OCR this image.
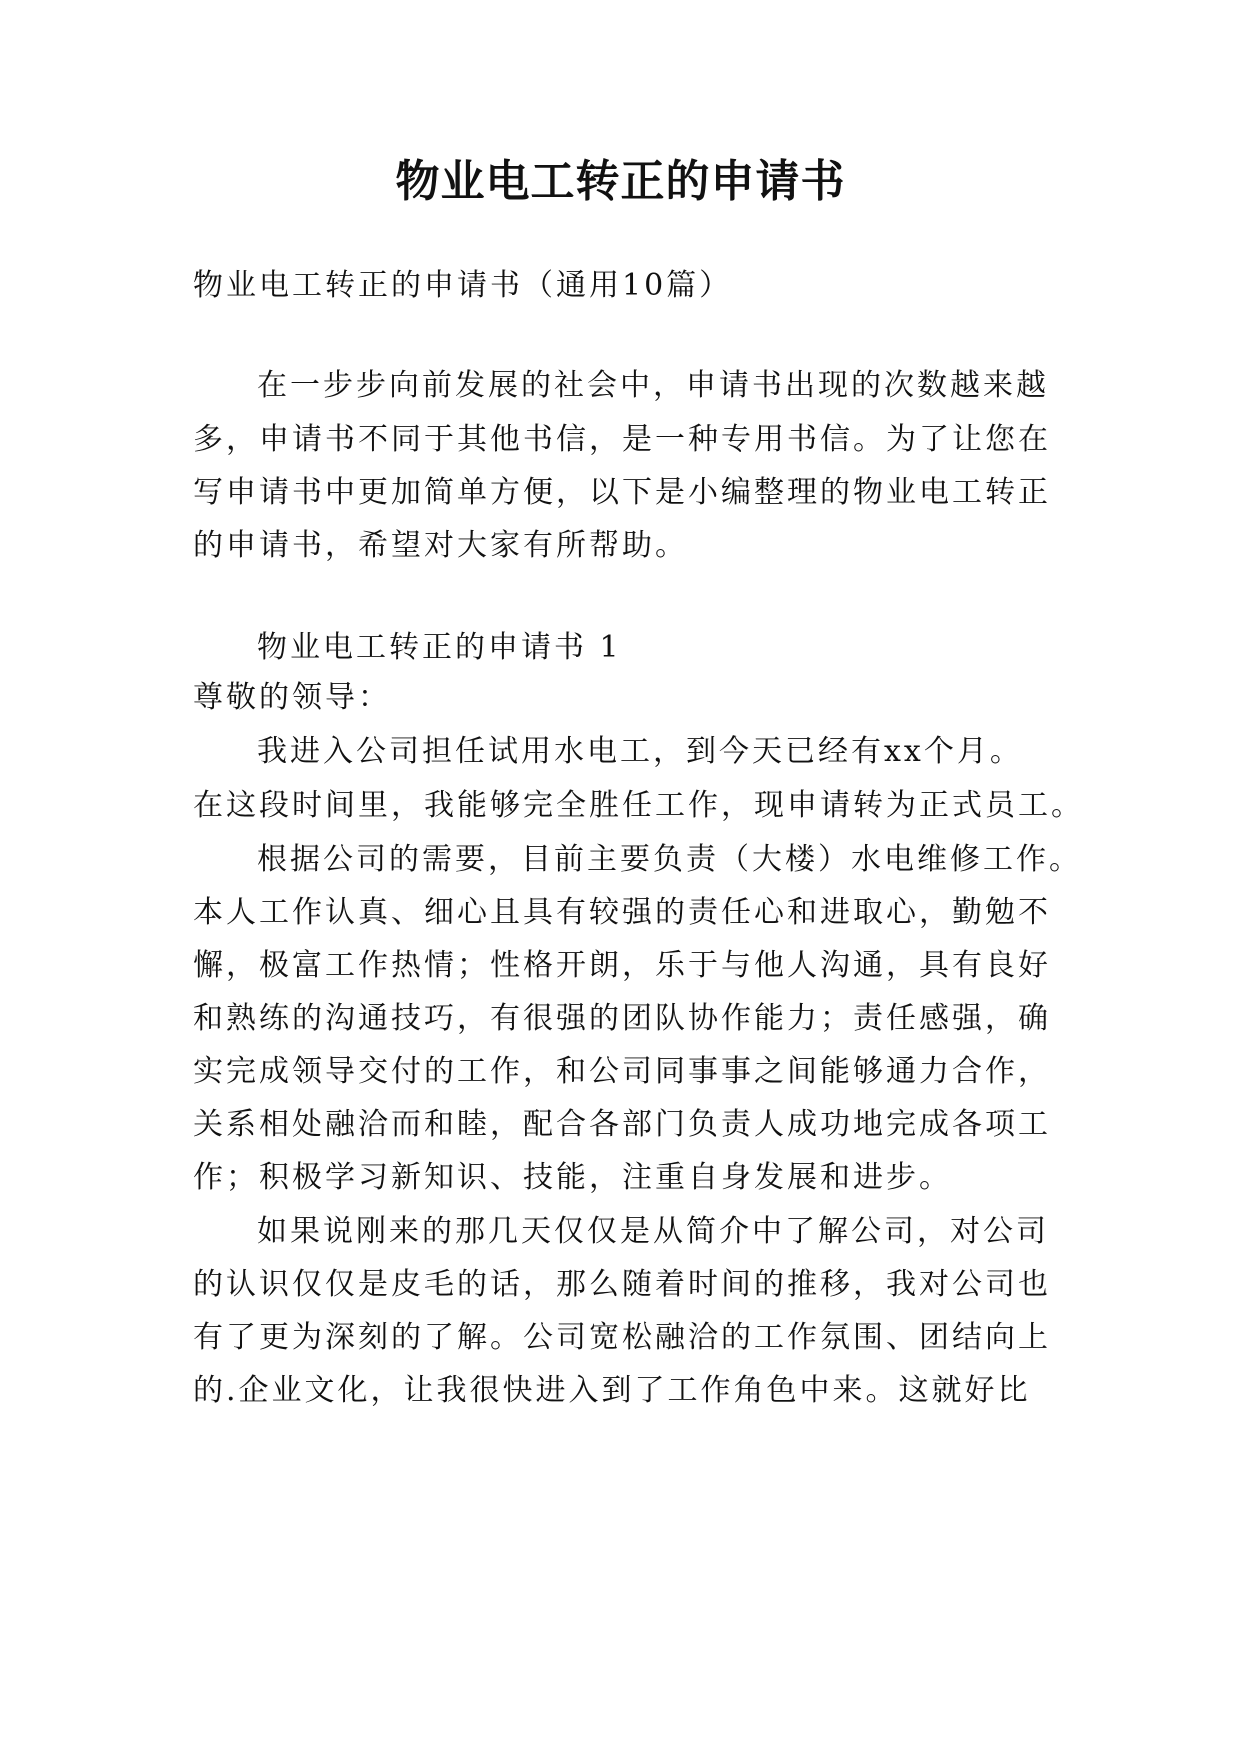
物业电工转正的申请书

物业电工转正的申请书（通用10篇）

在一步步向前发展的社会中，申请书出现的次数越来越

多，申请书不同于其他书信，是一种专用书信。为了让您在

写申请书中更加简单方便，以下是小编整理的物业电工转正

的申请书，希望对大家有所帮助。

物业电工转正的申请书 1

尊敬的领导：

我进入公司担任试用水电工，到今天已经有xx个月。

在这段时间里，我能够完全胜任工作，现申请转为正式员工。

根据公司的需要，目前主要负责（大楼）水电维修工作。

本人工作认真、细心且具有较强的责任心和进取心，勤勉不

懈，极富工作热情；性格开朗，乐于与他人沟通，具有良好

和熟练的沟通技巧，有很强的团队协作能力；责任感强，确

实完成领导交付的工作，和公司同事事之间能够通力合作，

关系相处融洽而和睦，配合各部门负责人成功地完成各项工

作；积极学习新知识、技能，注重自身发展和进步。

如果说刚来的那几天仅仅是从简介中了解公司，对公司

的认识仅仅是皮毛的话，那么随着时间的推移，我对公司也

有了更为深刻的了解。公司宽松融洽的工作氛围、团结向上

的.企业文化，让我很快进入到了工作角色中来。这就好比
